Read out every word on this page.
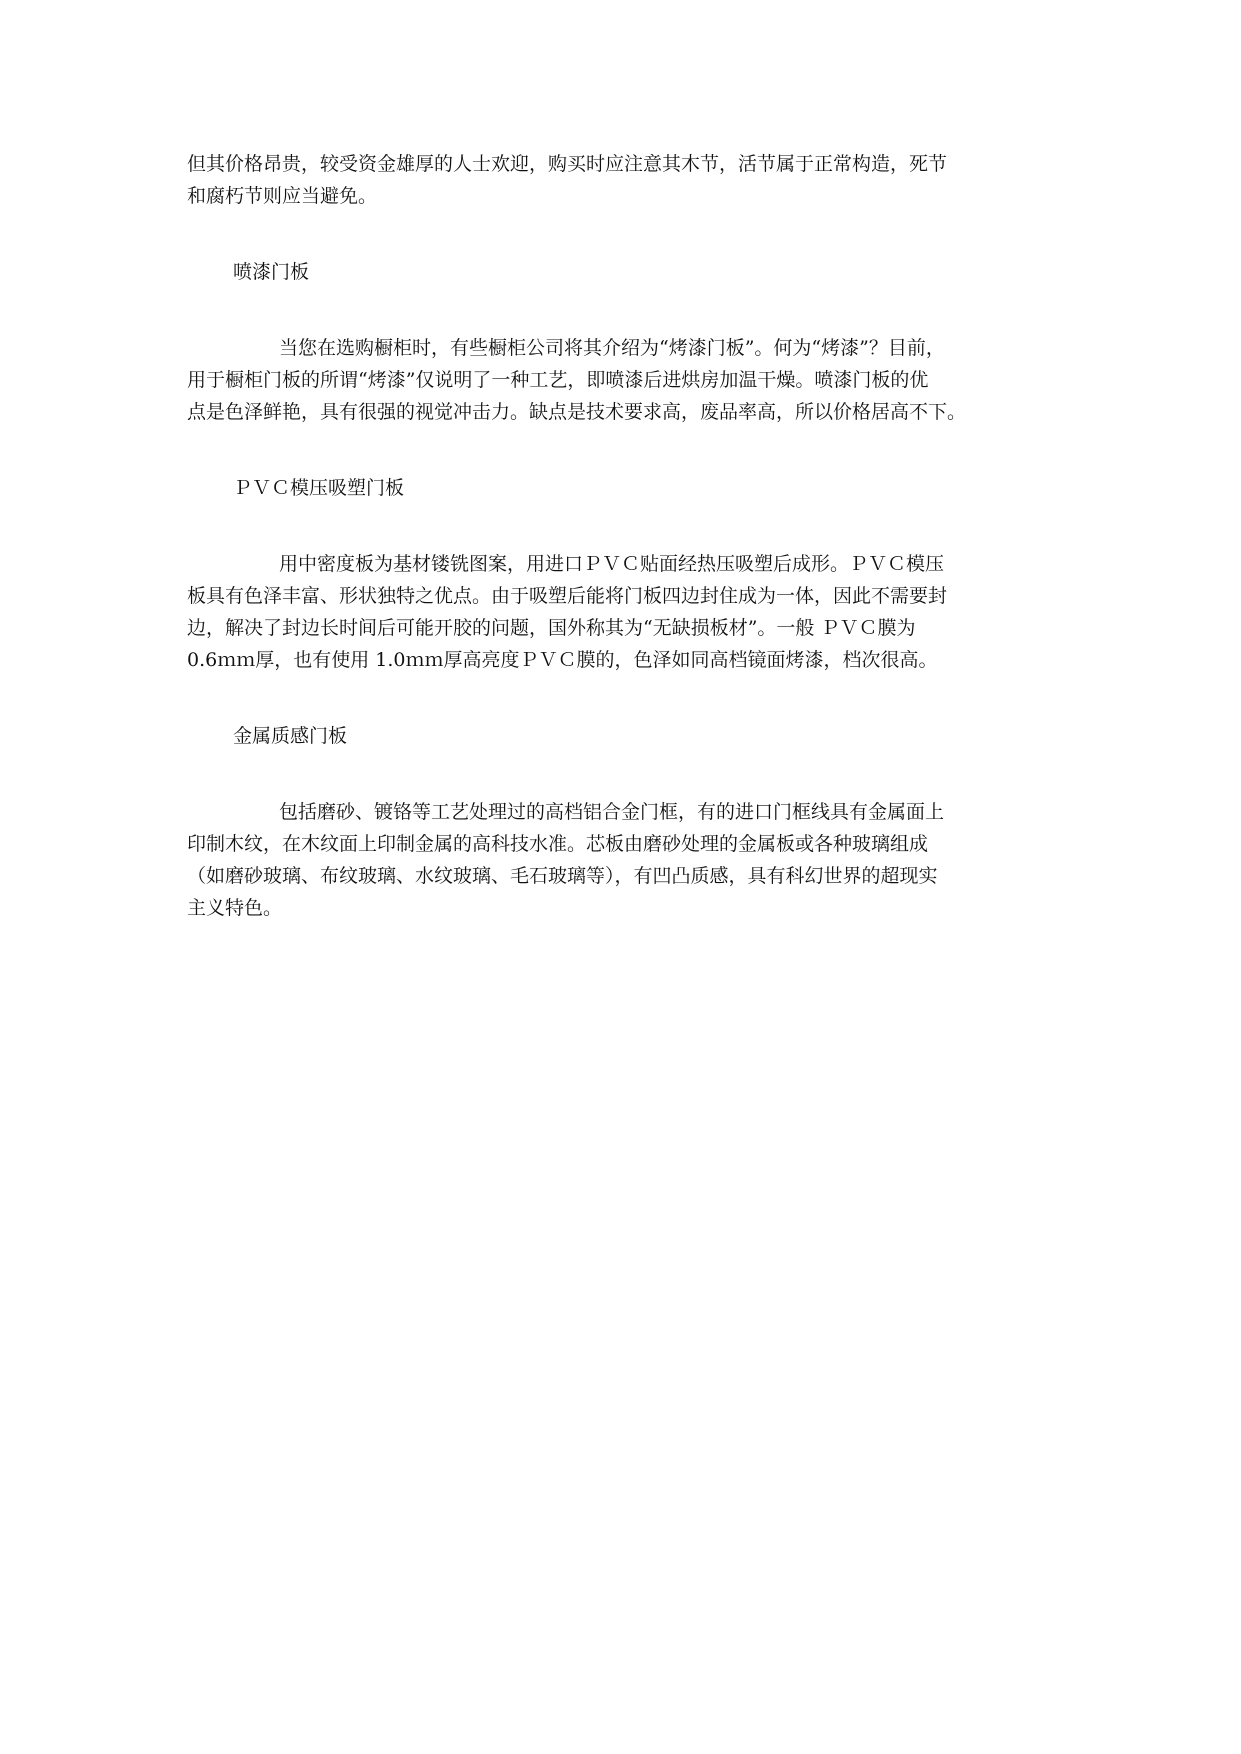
但其价格昂贵，较受资金雄厚的人士欢迎，购买时应注意其木节，活节属于正常构造，死节
和腐朽节则应当避免。

喷漆门板

当您在选购橱柜时，有些橱柜公司将其介绍为“烤漆门板”。何为“烤漆”？目前，
用于橱柜门板的所谓“烤漆”仅说明了一种工艺，即喷漆后进烘房加温干燥。喷漆门板的优
点是色泽鲜艳，具有很强的视觉冲击力。缺点是技术要求高，废品率高，所以价格居高不下。

ＰＶＣ模压吸塑门板

用中密度板为基材镂铣图案，用进口ＰＶＣ贴面经热压吸塑后成形。ＰＶＣ模压
板具有色泽丰富、形状独特之优点。由于吸塑后能将门板四边封住成为一体，因此不需要封
边，解决了封边长时间后可能开胶的问题，国外称其为“无缺损板材”。一般 ＰＶＣ膜为
0.6ｍｍ厚，也有使用 1.0ｍｍ厚高亮度ＰＶＣ膜的，色泽如同高档镜面烤漆，档次很高。

金属质感门板

包括磨砂、镀铬等工艺处理过的高档铝合金门框，有的进口门框线具有金属面上
印制木纹，在木纹面上印制金属的高科技水准。芯板由磨砂处理的金属板或各种玻璃组成
（如磨砂玻璃、布纹玻璃、水纹玻璃、毛石玻璃等），有凹凸质感，具有科幻世界的超现实
主义特色。
